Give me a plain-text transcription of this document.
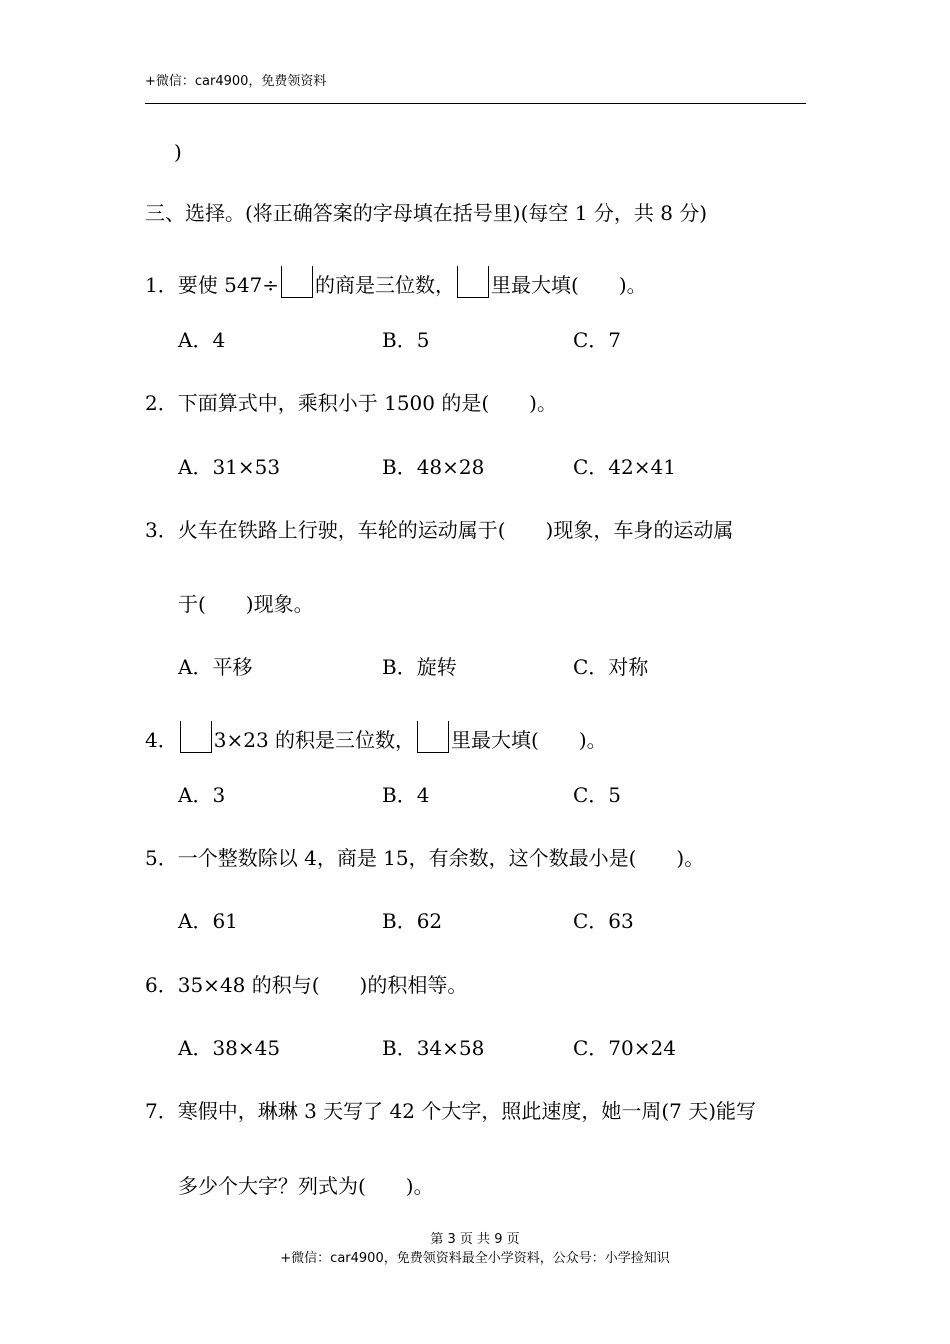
+微信：car4900，免费领资料
)
三、选择。(将正确答案的字母填在括号里)(每空 1 分，共 8 分)
1．要使 547÷ 的商是三位数， 里最大填(　　)。
A．4	B．5	C．7
2．下面算式中，乘积小于 1500 的是(　　)。
A．31×53	B．48×28	C．42×41
3．火车在铁路上行驶，车轮的运动属于(　　)现象，车身的运动属
于(　　)现象。
A．平移	B．旋转	C．对称
4． 3×23 的积是三位数， 里最大填(　　)。
A．3	B．4	C．5
5．一个整数除以 4，商是 15，有余数，这个数最小是(　　)。
A．61	B．62	C．63
6．35×48 的积与(　　)的积相等。
A．38×45	B．34×58	C．70×24
7．寒假中，琳琳 3 天写了 42 个大字，照此速度，她一周(7 天)能写
多少个大字？列式为(　　)。
第 3 页 共 9 页
+微信：car4900，免费领资料最全小学资料，公众号：小学捡知识
